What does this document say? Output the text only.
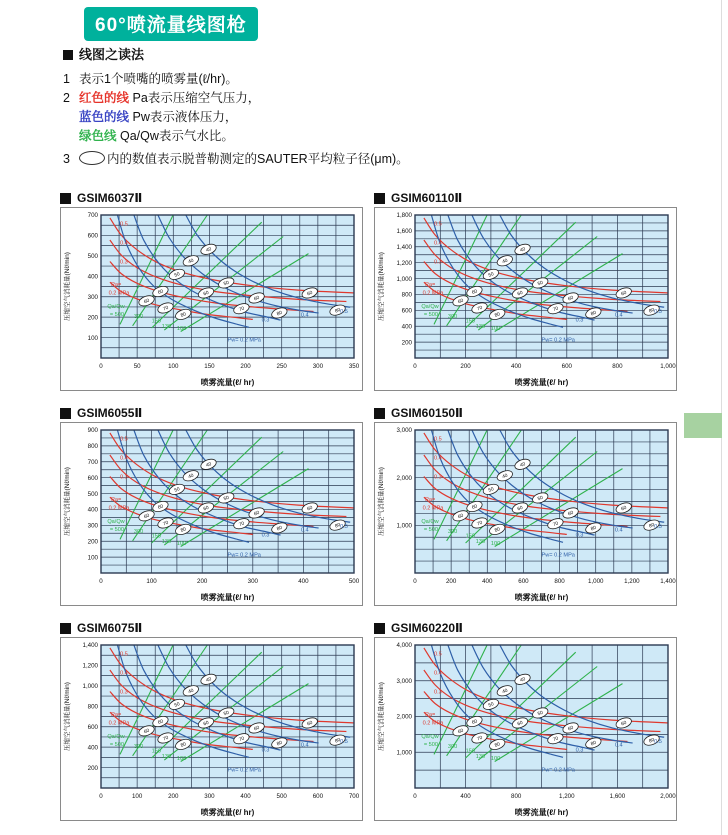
60°喷流量线图枪
线图之读法
1 表示1个喷嘴的喷雾量(ℓ/hr)。
2 红色的线 Pa表示压缩空气压力，
蓝色的线 Pw表示液体压力，
绿色线 Qa/Qw表示气水比。
3	内的数值表示脱普勒测定的SAUTER平均粒子径(μm)。
GSIM6037Ⅱ
40
40
50
60
60
70
80
60
50
70
60
80
60
80
0.5
0.4
0.3
Pa=
0.2 MPa
Qa/Qw
= 500 300
150
130 100
Pw= 0.2 MPa
0.3
0.4
0.5
0	50	100	150	200	250	300	350
100
200
300
400
500
600
700
喷雾流量(ℓ/ hr)
压缩空气消耗量(Nℓ/min)
GSIM60110Ⅱ
40
40
50
60
60
70
80
60
50
70
60
80
60
80
0.5
0.4
0.3
Pa=
0.2 MPa
Qa/Qw
= 500 300
150
130 100
Pw= 0.2 MPa
0.3
0.4
0.5
0	200	400	600	800	1,000
200
400
600
800
1,000
1,200
1,400
1,600
1,800
喷雾流量(ℓ/ hr)
压缩空气消耗量(Nℓ/min)
GSIM6055Ⅱ
40
40
50
60
60
70
80
60
50
70
60
80
60
80
0.5
0.4
0.3
Pa=
0.2 MPa
Qa/Qw
= 500 300
150
130 100
Pw= 0.2 MPa
0.3
0.4
0.5
0	100	200	300	400	500
100
200
300
400
500
600
700
800
900
喷雾流量(ℓ/ hr)
压缩空气消耗量(Nℓ/min)
GSIM60150Ⅱ
40
40
50
60
60
70
80
60
50
70
60
80
60
80
0.5
0.4
0.3
Pa=
0.2 MPa
Qa/Qw
= 500 300
150
130 100
Pw= 0.2 MPa
0.3
0.4
0.5
0	200	400	600	800	1,000	1,200	1,400
1,000
2,000
3,000
喷雾流量(ℓ/ hr)
压缩空气消耗量(Nℓ/min)
GSIM6075Ⅱ
40
40
50
60
60
70
80
60
50
70
60
80
60
80
0.5
0.4
0.3
Pa=
0.2 MPa
Qa/Qw
= 500 300
150
130 100
Pw= 0.2 MPa
0.3
0.4
0.5
0	100	200	300	400	500	600	700
200
400
600
800
1,000
1,200
1,400
喷雾流量(ℓ/ hr)
压缩空气消耗量(Nℓ/min)
GSIM60220Ⅱ
40
40
50
60
60
70
80
60
50
70
60
80
60
80
0.5
0.4
0.3
Pa=
0.2 MPa
Qa/Qw
= 500 300
150
130 100
Pw= 0.2 MPa
0.3
0.4
0.5
0	400	800	1,200	1,600	2,000
1,000
2,000
3,000
4,000
喷雾流量(ℓ/ hr)
压缩空气消耗量(Nℓ/min)
